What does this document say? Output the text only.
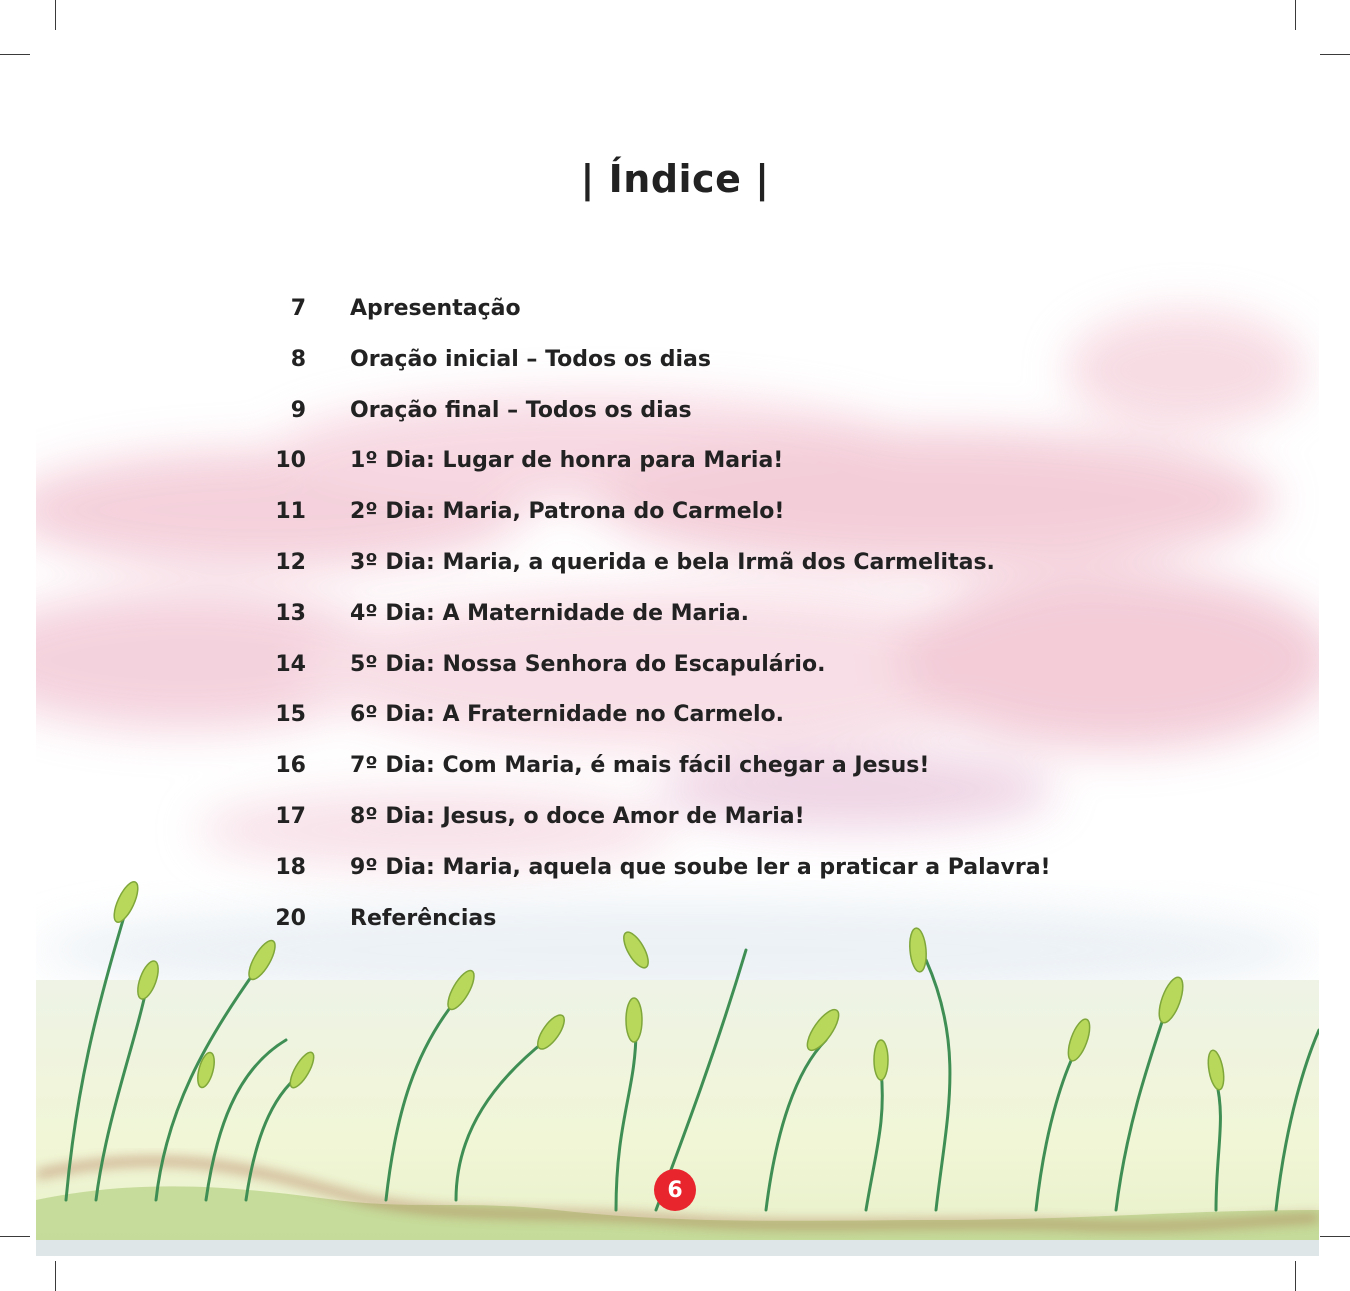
| Índice |
7 Apresentação
8 Oração inicial – Todos os dias
9 Oração final – Todos os dias
10 1º Dia: Lugar de honra para Maria!
11 2º Dia: Maria, Patrona do Carmelo!
12 3º Dia: Maria, a querida e bela Irmã dos Carmelitas.
13 4º Dia: A Maternidade de Maria.
14 5º Dia: Nossa Senhora do Escapulário.
15 6º Dia: A Fraternidade no Carmelo.
16 7º Dia: Com Maria, é mais fácil chegar a Jesus!
17 8º Dia: Jesus, o doce Amor de Maria!
18 9º Dia: Maria, aquela que soube ler a praticar a Palavra!
20 Referências
6
